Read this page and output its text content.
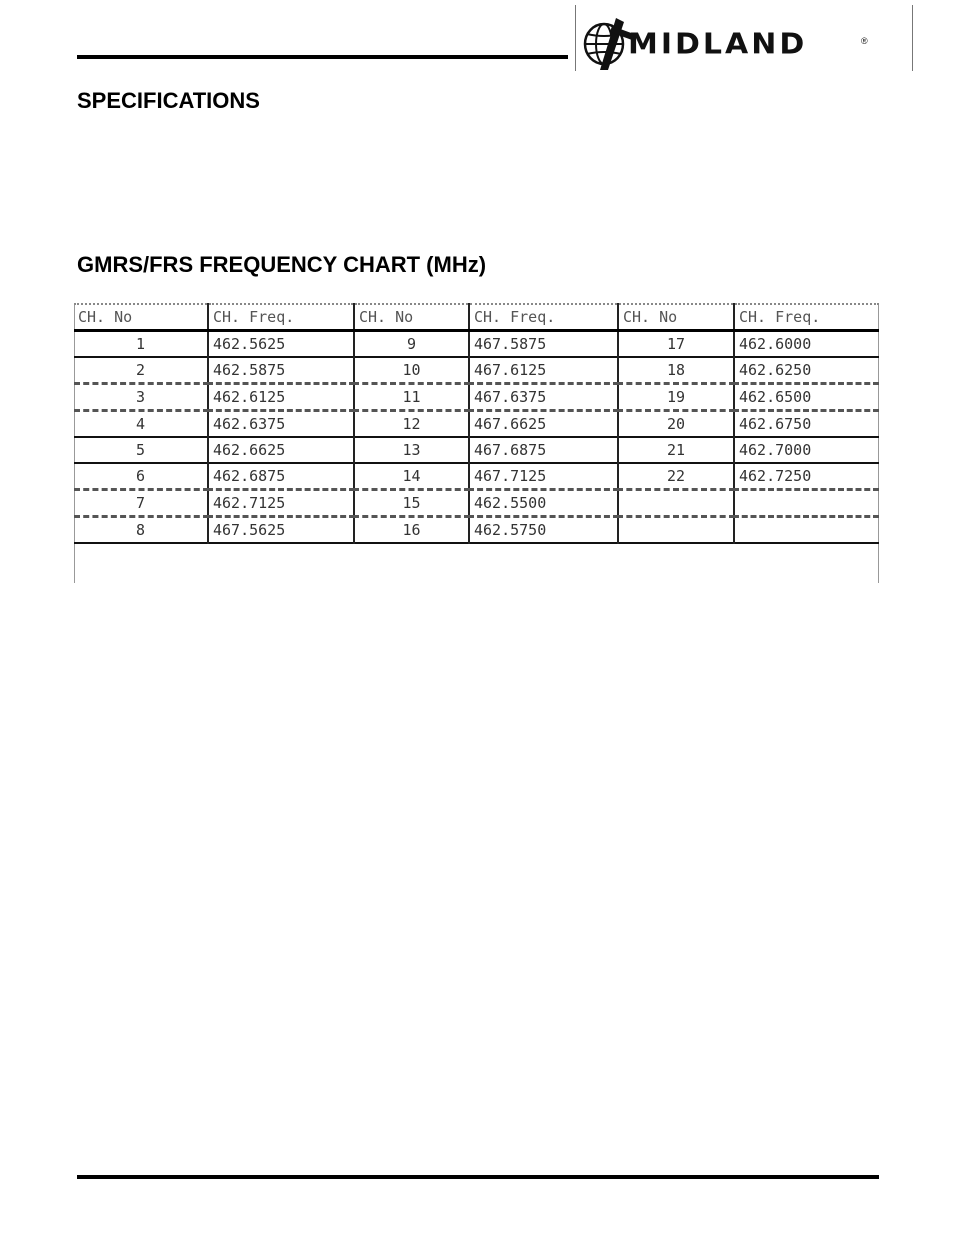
MIDLAND	®
SPECIFICATIONS
GMRS/FRS FREQUENCY CHART (MHz)
CH. No	CH. Freq.	CH. No	CH. Freq.	CH. No	CH. Freq.
1	462.5625	9	467.5875	17	462.6000
2	462.5875	10	467.6125	18	462.6250
3	462.6125	11	467.6375	19	462.6500
4	462.6375	12	467.6625	20	462.6750
5	462.6625	13	467.6875	21	462.7000
6	462.6875	14	467.7125	22	462.7250
7	462.7125	15	462.5500		
8	467.5625	16	462.5750		
